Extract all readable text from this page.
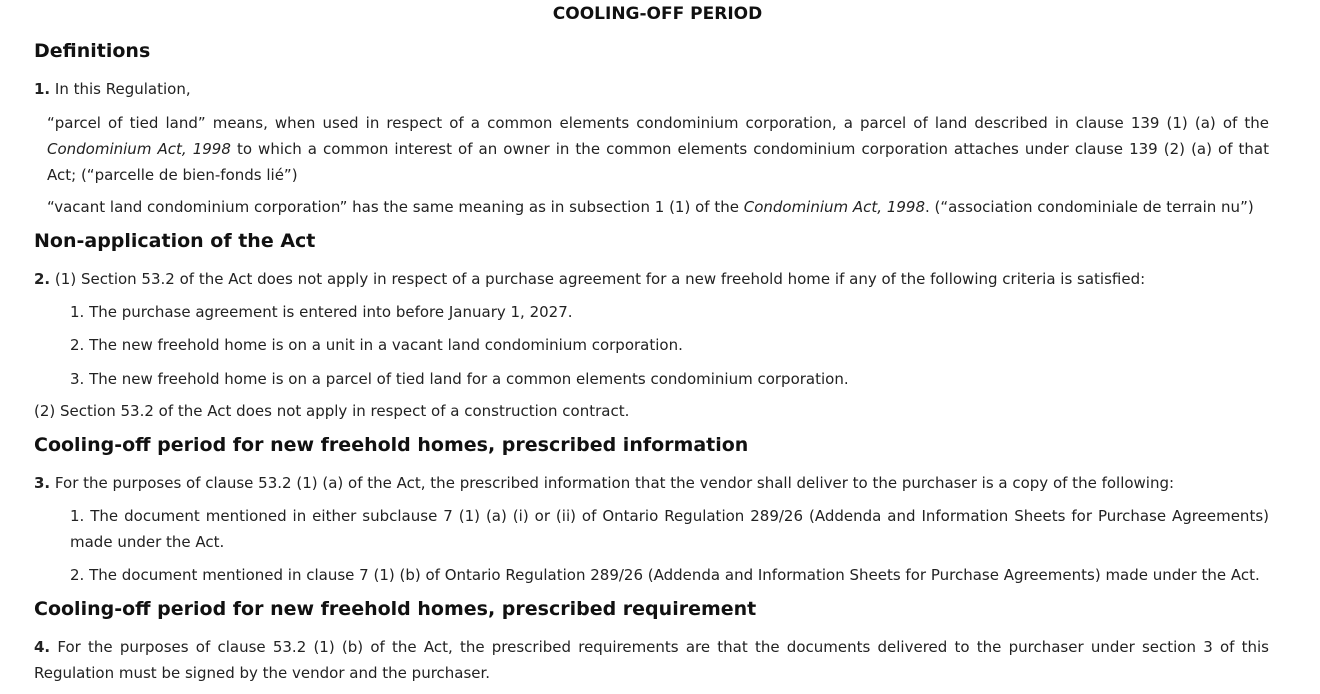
COOLING-OFF PERIOD
Definitions

1. In this Regulation,

“parcel of tied land” means, when used in respect of a common elements condominium corporation, a parcel of land described in clause 139 (1) (a) of the Condominium Act, 1998 to which a common interest of an owner in the common elements condominium corporation attaches under clause 139 (2) (a) of that Act; (“parcelle de bien-fonds lié”)

“vacant land condominium corporation” has the same meaning as in subsection 1 (1) of the Condominium Act, 1998. (“association condominiale de terrain nu”)

Non-application of the Act

2. (1) Section 53.2 of the Act does not apply in respect of a purchase agreement for a new freehold home if any of the following criteria is satisfied:

1. The purchase agreement is entered into before January 1, 2027.

2. The new freehold home is on a unit in a vacant land condominium corporation.

3. The new freehold home is on a parcel of tied land for a common elements condominium corporation.

(2) Section 53.2 of the Act does not apply in respect of a construction contract.

Cooling-off period for new freehold homes, prescribed information

3. For the purposes of clause 53.2 (1) (a) of the Act, the prescribed information that the vendor shall deliver to the purchaser is a copy of the following:

1. The document mentioned in either subclause 7 (1) (a) (i) or (ii) of Ontario Regulation 289/26 (Addenda and Information Sheets for Purchase Agreements) made under the Act.

2. The document mentioned in clause 7 (1) (b) of Ontario Regulation 289/26 (Addenda and Information Sheets for Purchase Agreements) made under the Act.

Cooling-off period for new freehold homes, prescribed requirement

4. For the purposes of clause 53.2 (1) (b) of the Act, the prescribed requirements are that the documents delivered to the purchaser under section 3 of this Regulation must be signed by the vendor and the purchaser.
